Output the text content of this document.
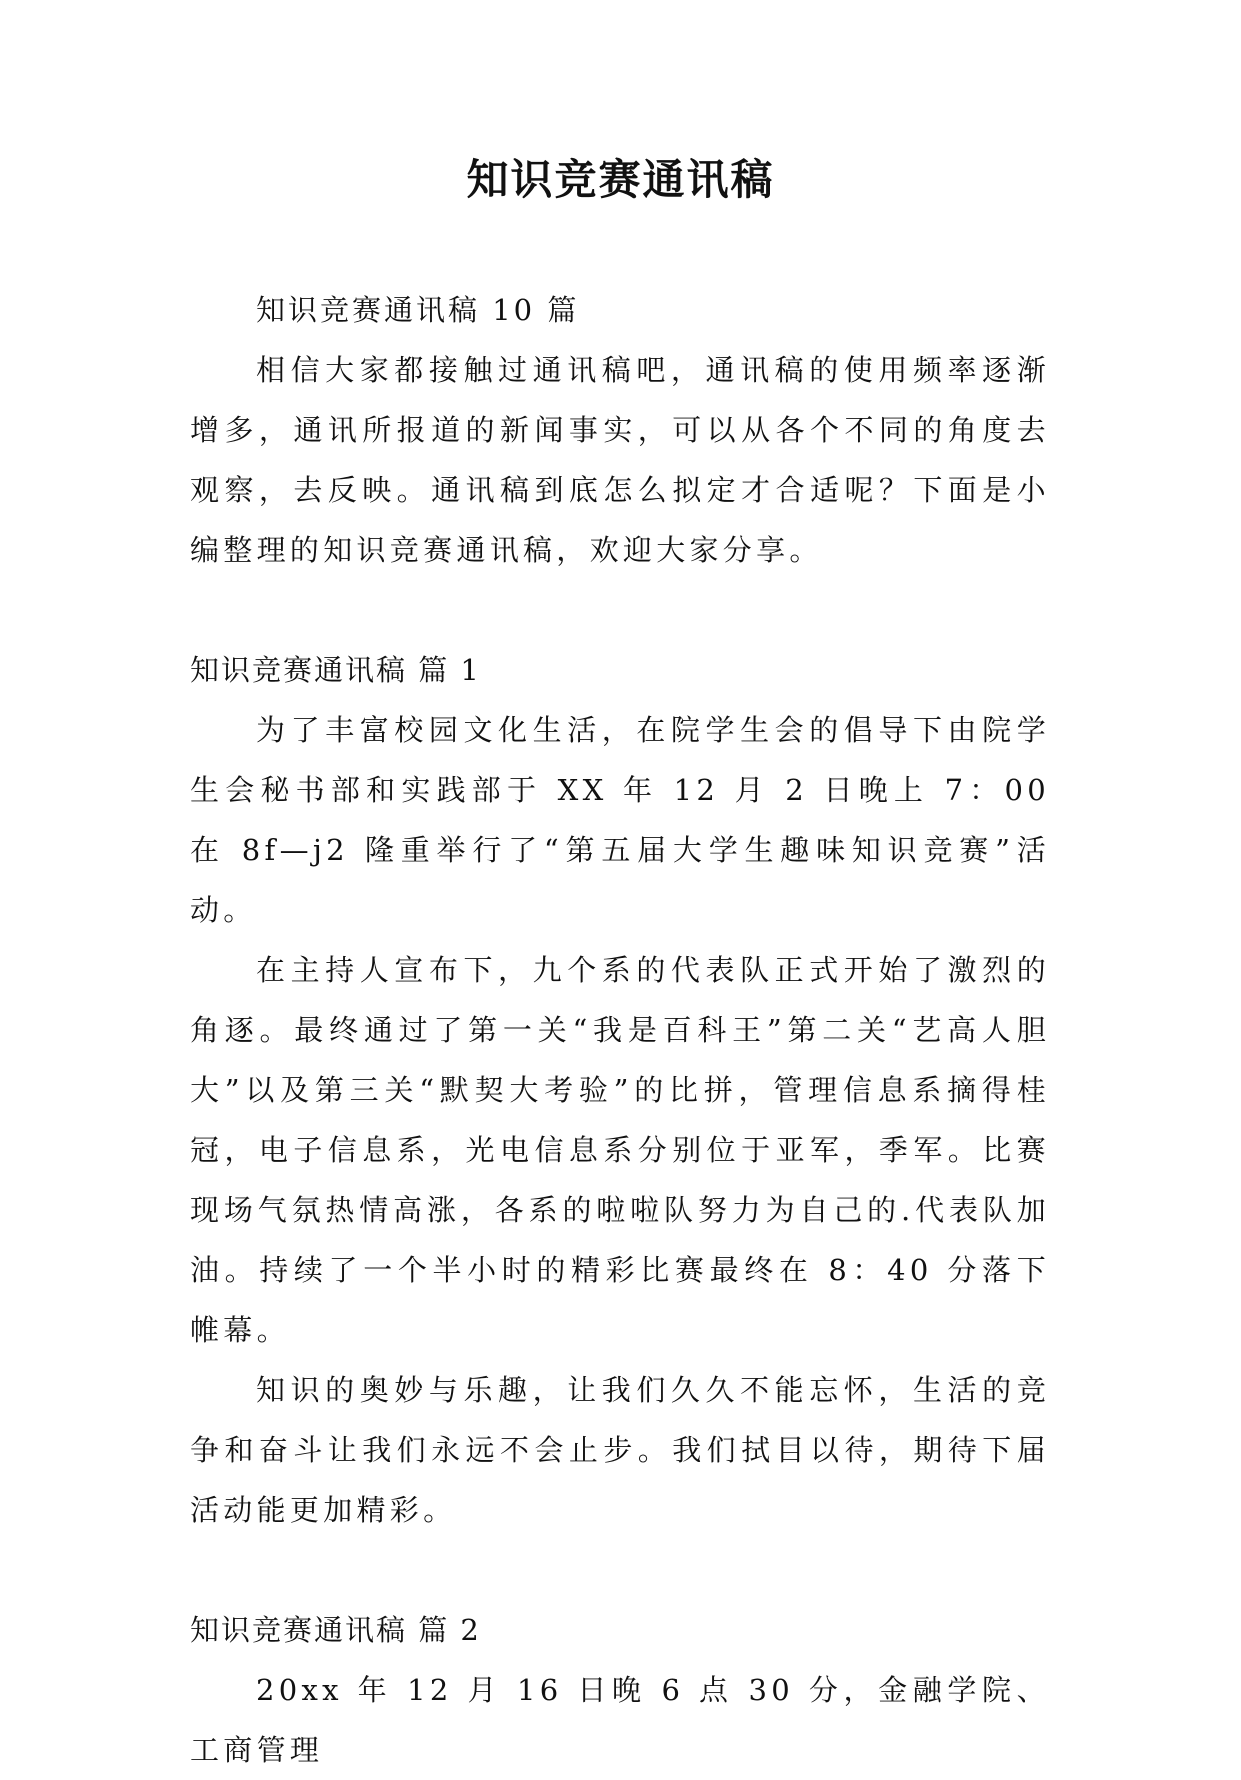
知识竞赛通讯稿

知识竞赛通讯稿 10 篇

相信大家都接触过通讯稿吧，通讯稿的使用频率逐渐增多，通讯所报道的新闻事实，可以从各个不同的角度去观察，去反映。通讯稿到底怎么拟定才合适呢？下面是小编整理的知识竞赛通讯稿，欢迎大家分享。

知识竞赛通讯稿 篇 1

为了丰富校园文化生活，在院学生会的倡导下由院学生会秘书部和实践部于 XX 年 12 月 2 日晚上 7：00 在 8f—j2 隆重举行了“第五届大学生趣味知识竞赛”活动。

在主持人宣布下，九个系的代表队正式开始了激烈的角逐。最终通过了第一关“我是百科王”第二关“艺高人胆大”以及第三关“默契大考验”的比拼，管理信息系摘得桂冠，电子信息系，光电信息系分别位于亚军，季军。比赛现场气氛热情高涨，各系的啦啦队努力为自己的.代表队加油。持续了一个半小时的精彩比赛最终在 8：40 分落下帷幕。

知识的奥妙与乐趣，让我们久久不能忘怀，生活的竞争和奋斗让我们永远不会止步。我们拭目以待，期待下届活动能更加精彩。

知识竞赛通讯稿 篇 2

20xx 年 12 月 16 日晚 6 点 30 分，金融学院、工商管理
